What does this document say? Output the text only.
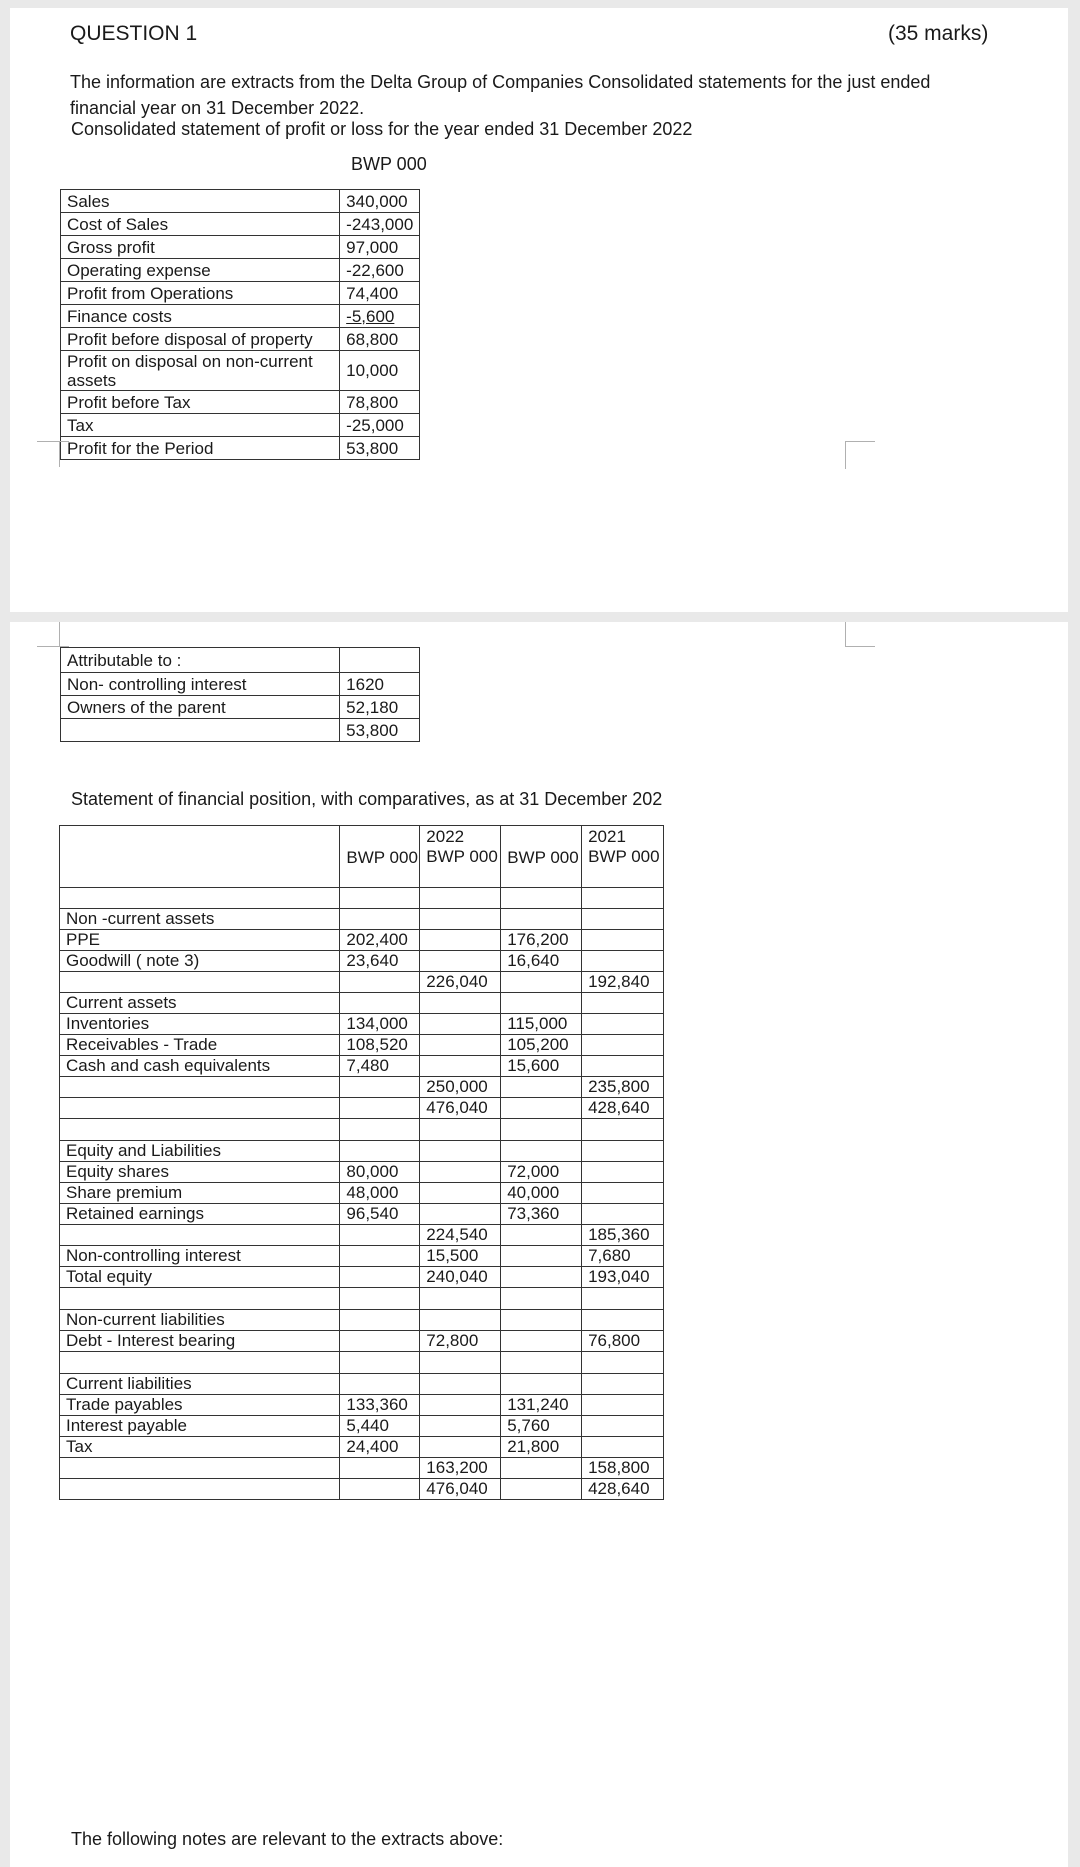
QUESTION 1	(35 marks)
The information are extracts from the Delta Group of Companies Consolidated statements for the just ended financial year on 31 December 2022.
Consolidated statement of profit or loss for the year ended 31 December 2022
BWP 000
Sales	340,000
Cost of Sales	-243,000
Gross profit	97,000
Operating expense	-22,600
Profit from Operations	74,400
Finance costs	-5,600
Profit before disposal of property	68,800
Profit on disposal on non-current assets	10,000
Profit before Tax	78,800
Tax	-25,000
Profit for the Period	53,800
Attributable to :	
Non- controlling interest	1620
Owners of the parent	52,180
	53,800
Statement of financial position, with comparatives, as at 31 December 202
	BWP 000	2022 BWP 000	BWP 000	2021 BWP 000

Non -current assets				
PPE	202,400		176,200	
Goodwill ( note 3)	23,640		16,640	
		226,040		192,840
Current assets				
Inventories	134,000		115,000	
Receivables - Trade	108,520		105,200	
Cash and cash equivalents	7,480		15,600	
		250,000		235,800
		476,040		428,640

Equity and Liabilities				
Equity shares	80,000		72,000	
Share premium	48,000		40,000	
Retained earnings	96,540		73,360	
		224,540		185,360
Non-controlling interest		15,500		7,680
Total equity		240,040		193,040

Non-current liabilities				
Debt - Interest bearing		72,800		76,800

Current liabilities				
Trade payables	133,360		131,240	
Interest payable	5,440		5,760	
Tax	24,400		21,800	
		163,200		158,800
		476,040		428,640
The following notes are relevant to the extracts above:
